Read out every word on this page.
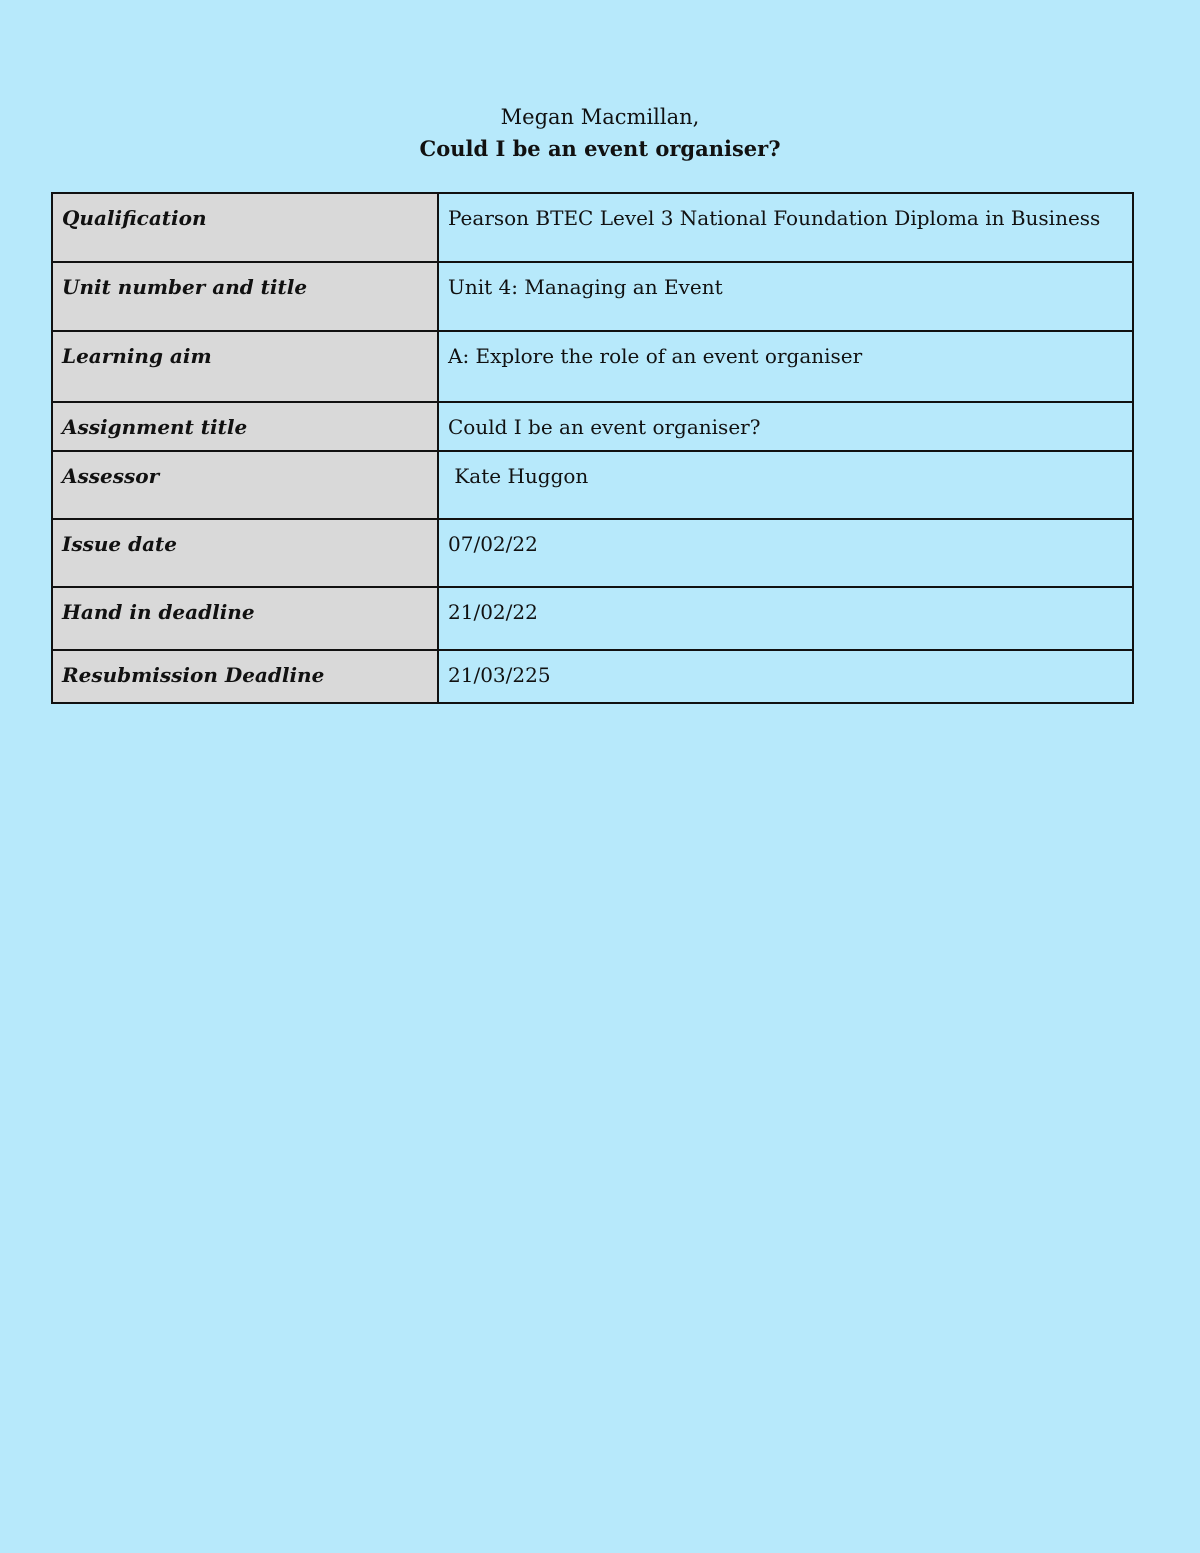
Megan Macmillan,
Could I be an event organiser?
Qualification	Pearson BTEC Level 3 National Foundation Diploma in Business
Unit number and title	Unit 4: Managing an Event
Learning aim	A: Explore the role of an event organiser
Assignment title	Could I be an event organiser?
Assessor	Kate Huggon
Issue date	07/02/22
Hand in deadline	21/02/22
Resubmission Deadline	21/03/225
